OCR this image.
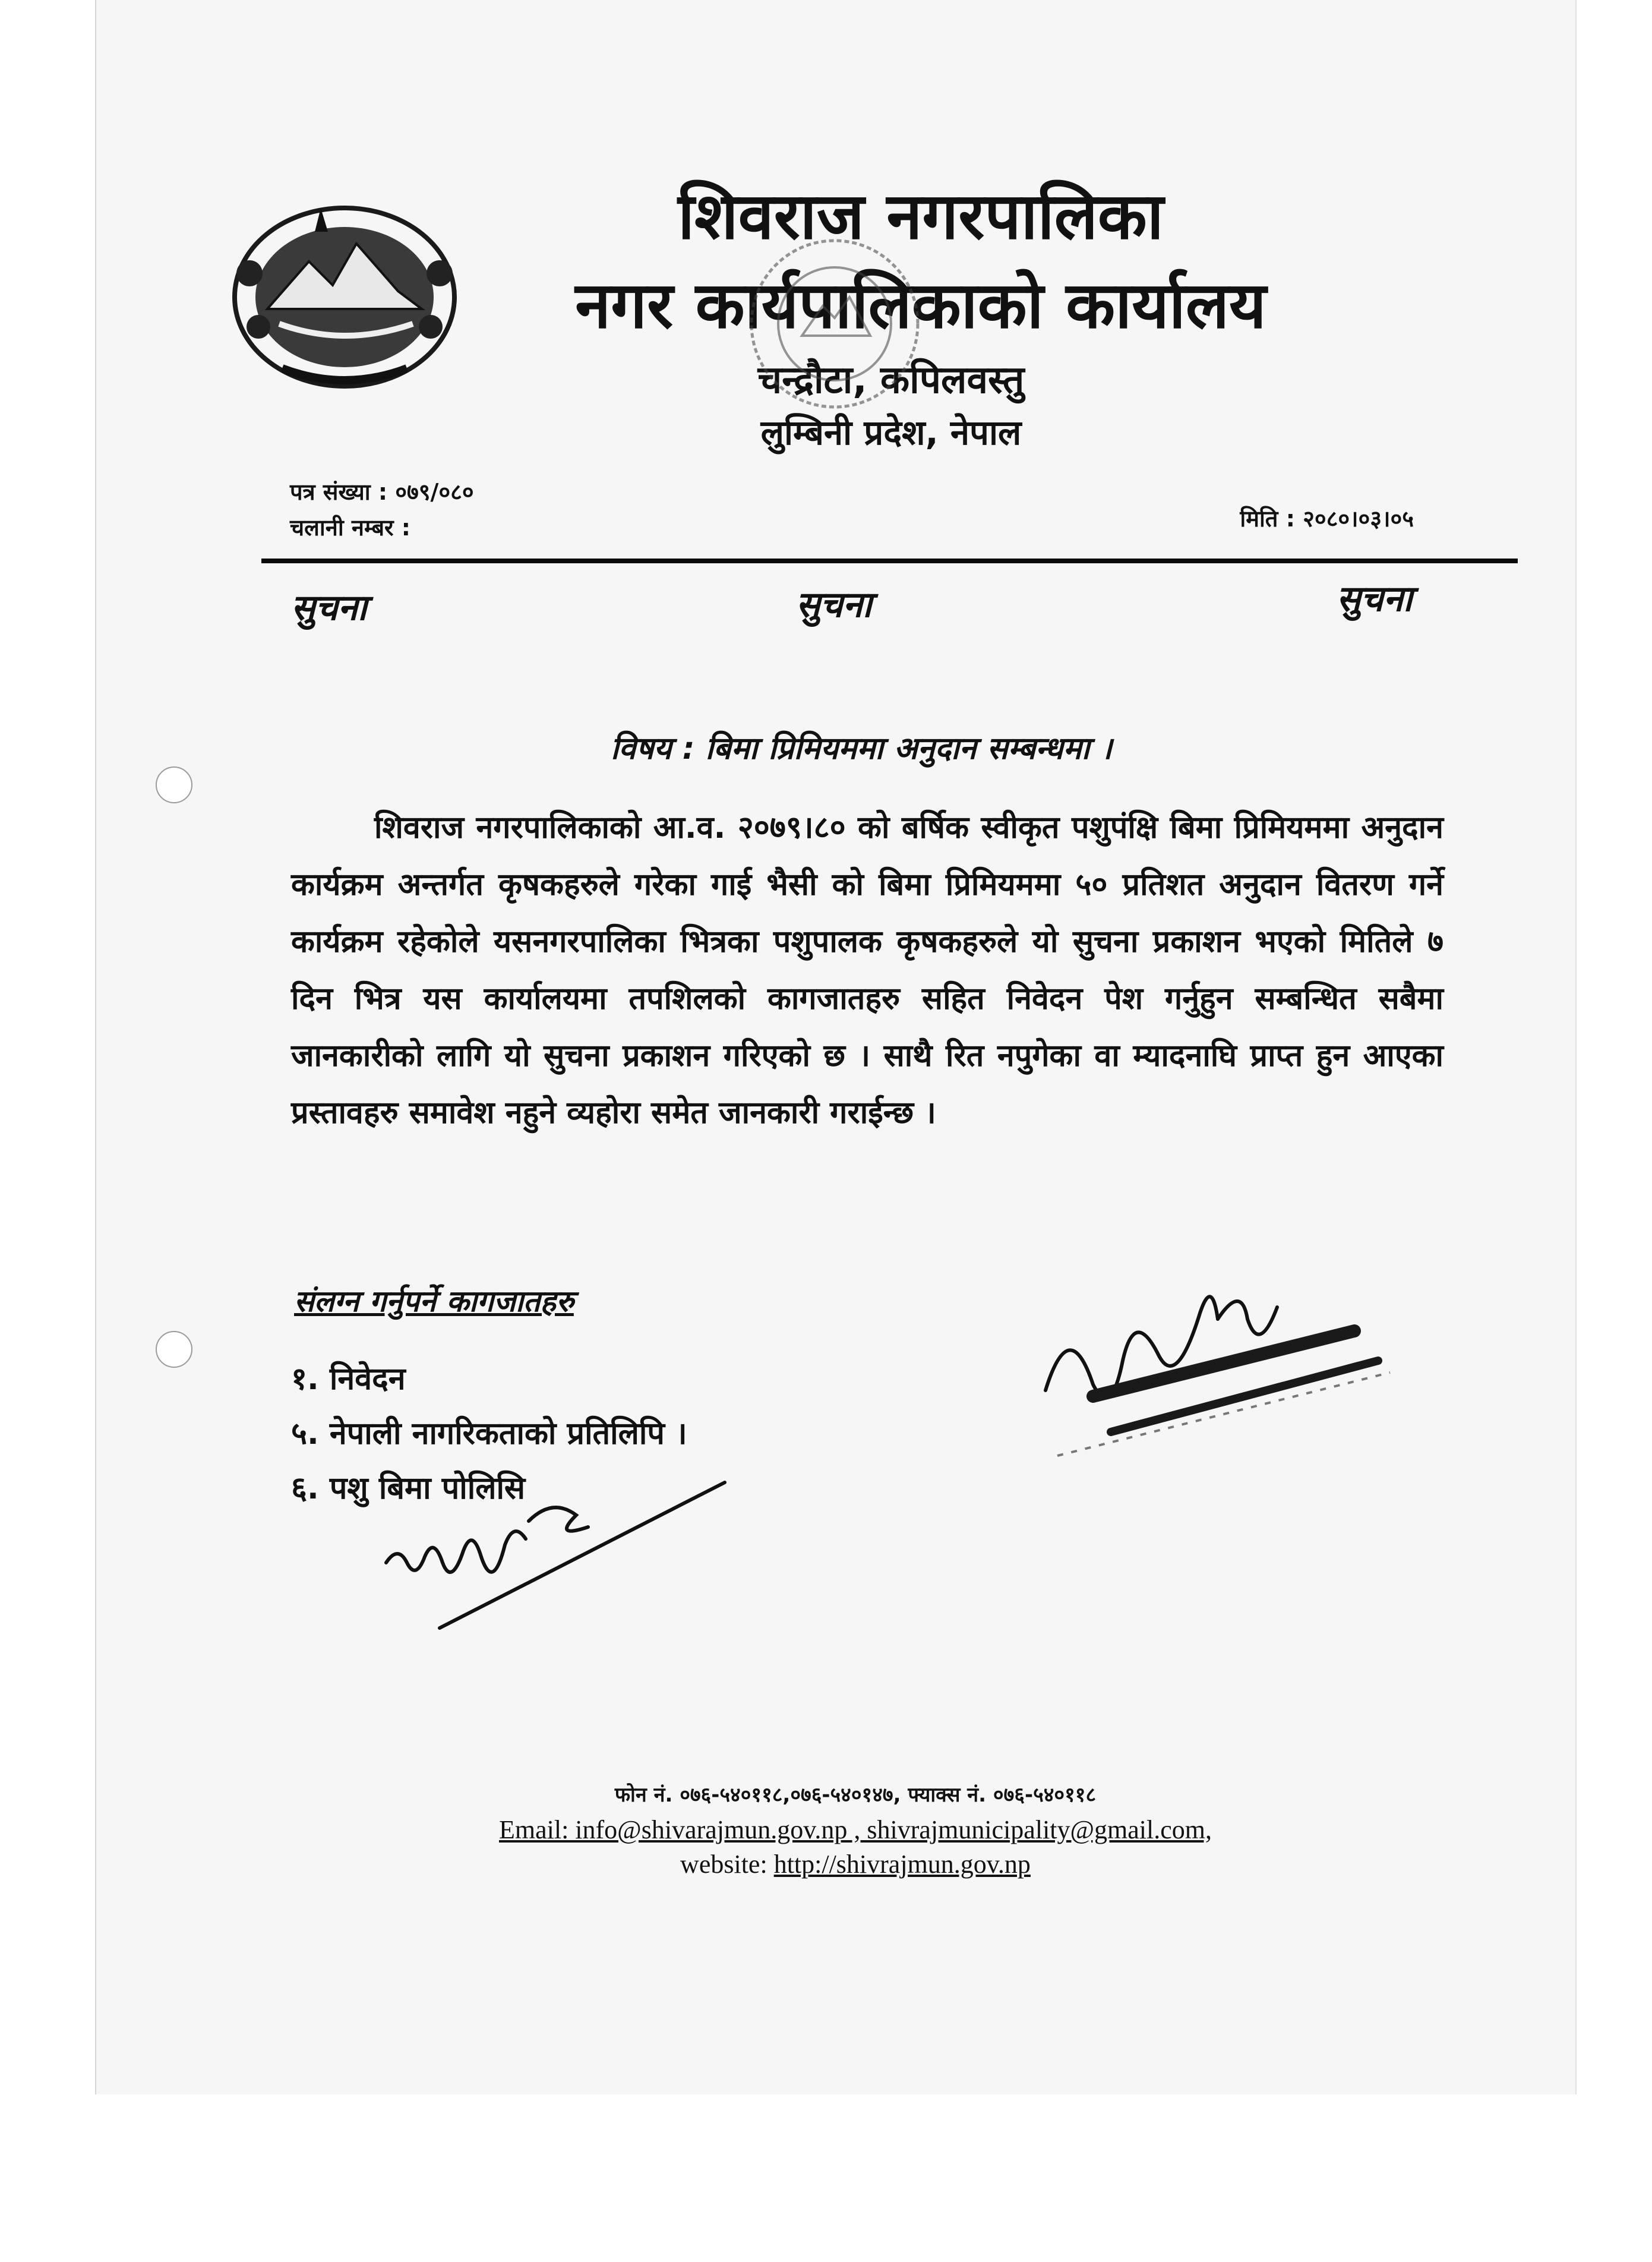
शिवराज नगरपालिका
नगर कार्यपालिकाको कार्यालय
चन्द्रौटा, कपिलवस्तु
लुम्बिनी प्रदेश, नेपाल
पत्र संख्या : ०७९/०८०
चलानी नम्बर :	मिति : २०८०।०३।०५
सुचना	सुचना	सुचना
विषय : बिमा प्रिमियममा अनुदान सम्बन्धमा ।
शिवराज नगरपालिकाको आ.व. २०७९।८० को बर्षिक स्वीकृत पशुपंक्षि बिमा प्रिमियममा अनुदान कार्यक्रम अन्तर्गत कृषकहरुले गरेका गाई भैसी को बिमा प्रिमियममा ५० प्रतिशत अनुदान वितरण गर्ने कार्यक्रम रहेकोले यसनगरपालिका भित्रका पशुपालक कृषकहरुले यो सुचना प्रकाशन भएको मितिले ७ दिन भित्र यस कार्यालयमा तपशिलको कागजातहरु सहित निवेदन पेश गर्नुहुन सम्बन्धित सबैमा जानकारीको लागि यो सुचना प्रकाशन गरिएको छ । साथै रित नपुगेका वा म्यादनाघि प्राप्त हुन आएका प्रस्तावहरु समावेश नहुने व्यहोरा समेत जानकारी गराईन्छ ।
संलग्न गर्नुपर्ने कागजातहरु
१. निवेदन
५. नेपाली नागरिकताको प्रतिलिपि ।
६. पशु बिमा पोलिसि
फोन नं. ०७६-५४०११८,०७६-५४०१४७, फ्याक्स नं. ०७६-५४०११८
Email: info@shivarajmun.gov.np , shivrajmunicipality@gmail.com,
website: http://shivrajmun.gov.np
